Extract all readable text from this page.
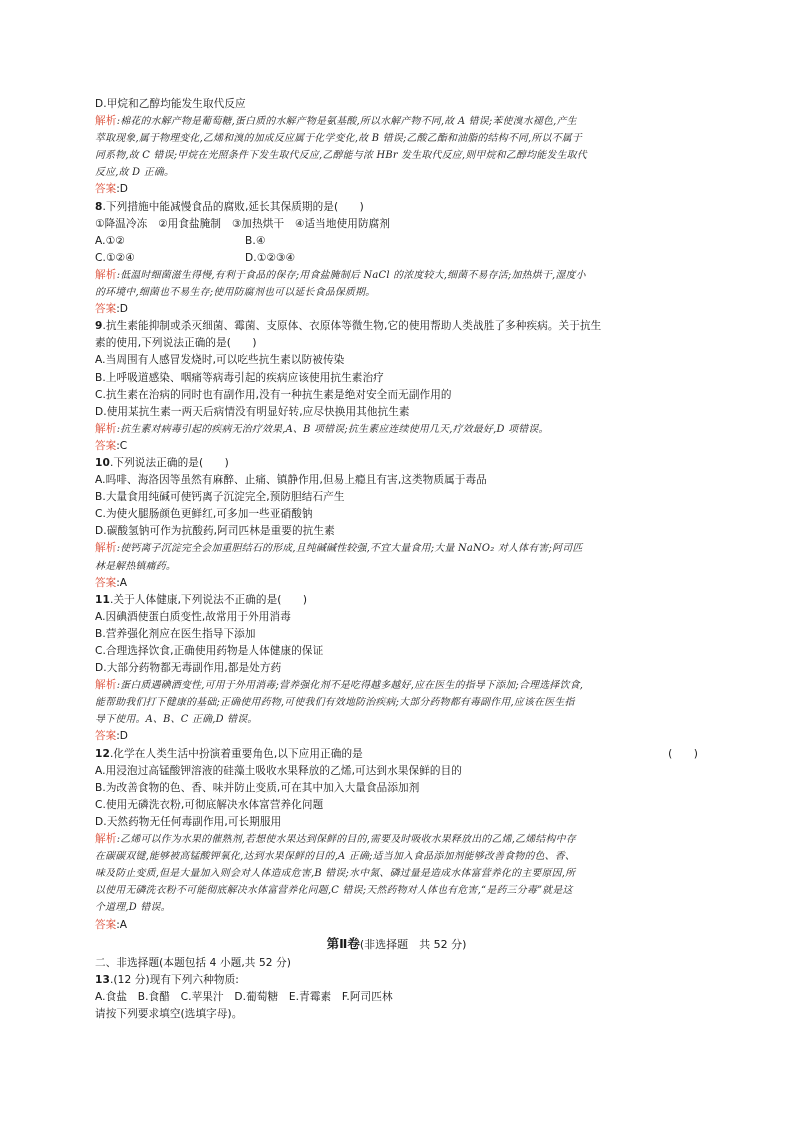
D.甲烷和乙醇均能发生取代反应
解析:棉花的水解产物是葡萄糖,蛋白质的水解产物是氨基酸,所以水解产物不同,故 A 错误;苯使溴水褪色,产生
萃取现象,属于物理变化,乙烯和溴的加成反应属于化学变化,故 B 错误;乙酸乙酯和油脂的结构不同,所以不属于
同系物,故 C 错误;甲烷在光照条件下发生取代反应,乙醇能与浓 HBr 发生取代反应,则甲烷和乙醇均能发生取代
反应,故 D 正确。
答案:D
8.下列措施中能减慢食品的腐败,延长其保质期的是(　　)
①降温冷冻　②用食盐腌制　③加热烘干　④适当地使用防腐剂
A.①②	B.④
C.①②④	D.①②③④
解析:低温时细菌滋生得慢,有利于食品的保存;用食盐腌制后 NaCl 的浓度较大,细菌不易存活;加热烘干,湿度小
的环境中,细菌也不易生存;使用防腐剂也可以延长食品保质期。
答案:D
9.抗生素能抑制或杀灭细菌、霉菌、支原体、衣原体等微生物,它的使用帮助人类战胜了多种疾病。关于抗生
素的使用,下列说法正确的是(　　)
A.当周围有人感冒发烧时,可以吃些抗生素以防被传染
B.上呼吸道感染、咽痛等病毒引起的疾病应该使用抗生素治疗
C.抗生素在治病的同时也有副作用,没有一种抗生素是绝对安全而无副作用的
D.使用某抗生素一两天后病情没有明显好转,应尽快换用其他抗生素
解析:抗生素对病毒引起的疾病无治疗效果,A、B 项错误;抗生素应连续使用几天,疗效最好,D 项错误。
答案:C
10.下列说法正确的是(　　)
A.吗啡、海洛因等虽然有麻醉、止痛、镇静作用,但易上瘾且有害,这类物质属于毒品
B.大量食用纯碱可使钙离子沉淀完全,预防胆结石产生
C.为使火腿肠颜色更鲜红,可多加一些亚硝酸钠
D.碳酸氢钠可作为抗酸药,阿司匹林是重要的抗生素
解析:使钙离子沉淀完全会加重胆结石的形成,且纯碱碱性较强,不宜大量食用;大量 NaNO₂ 对人体有害;阿司匹
林是解热镇痛药。
答案:A
11.关于人体健康,下列说法不正确的是(　　)
A.因碘酒使蛋白质变性,故常用于外用消毒
B.营养强化剂应在医生指导下添加
C.合理选择饮食,正确使用药物是人体健康的保证
D.大部分药物都无毒副作用,都是处方药
解析:蛋白质遇碘酒变性,可用于外用消毒;营养强化剂不是吃得越多越好,应在医生的指导下添加;合理选择饮食,
能帮助我们打下健康的基础;正确使用药物,可使我们有效地防治疾病;大部分药物都有毒副作用,应该在医生指
导下使用。A、B、C 正确,D 错误。
答案:D
12.化学在人类生活中扮演着重要角色,以下应用正确的是	(　　)
A.用浸泡过高锰酸钾溶液的硅藻土吸收水果释放的乙烯,可达到水果保鲜的目的
B.为改善食物的色、香、味并防止变质,可在其中加入大量食品添加剂
C.使用无磷洗衣粉,可彻底解决水体富营养化问题
D.天然药物无任何毒副作用,可长期服用
解析:乙烯可以作为水果的催熟剂,若想使水果达到保鲜的目的,需要及时吸收水果释放出的乙烯,乙烯结构中存
在碳碳双键,能够被高锰酸钾氧化,达到水果保鲜的目的,A 正确;适当加入食品添加剂能够改善食物的色、香、
味及防止变质,但是大量加入则会对人体造成危害,B 错误;水中氮、磷过量是造成水体富营养化的主要原因,所
以使用无磷洗衣粉不可能彻底解决水体富营养化问题,C 错误;天然药物对人体也有危害,“是药三分毒”就是这
个道理,D 错误。
答案:A
第Ⅱ卷(非选择题　共 52 分)
二、非选择题(本题包括 4 小题,共 52 分)
13.(12 分)现有下列六种物质:
A.食盐　B.食醋　C.苹果汁　D.葡萄糖　E.青霉素　F.阿司匹林
请按下列要求填空(选填字母)。
